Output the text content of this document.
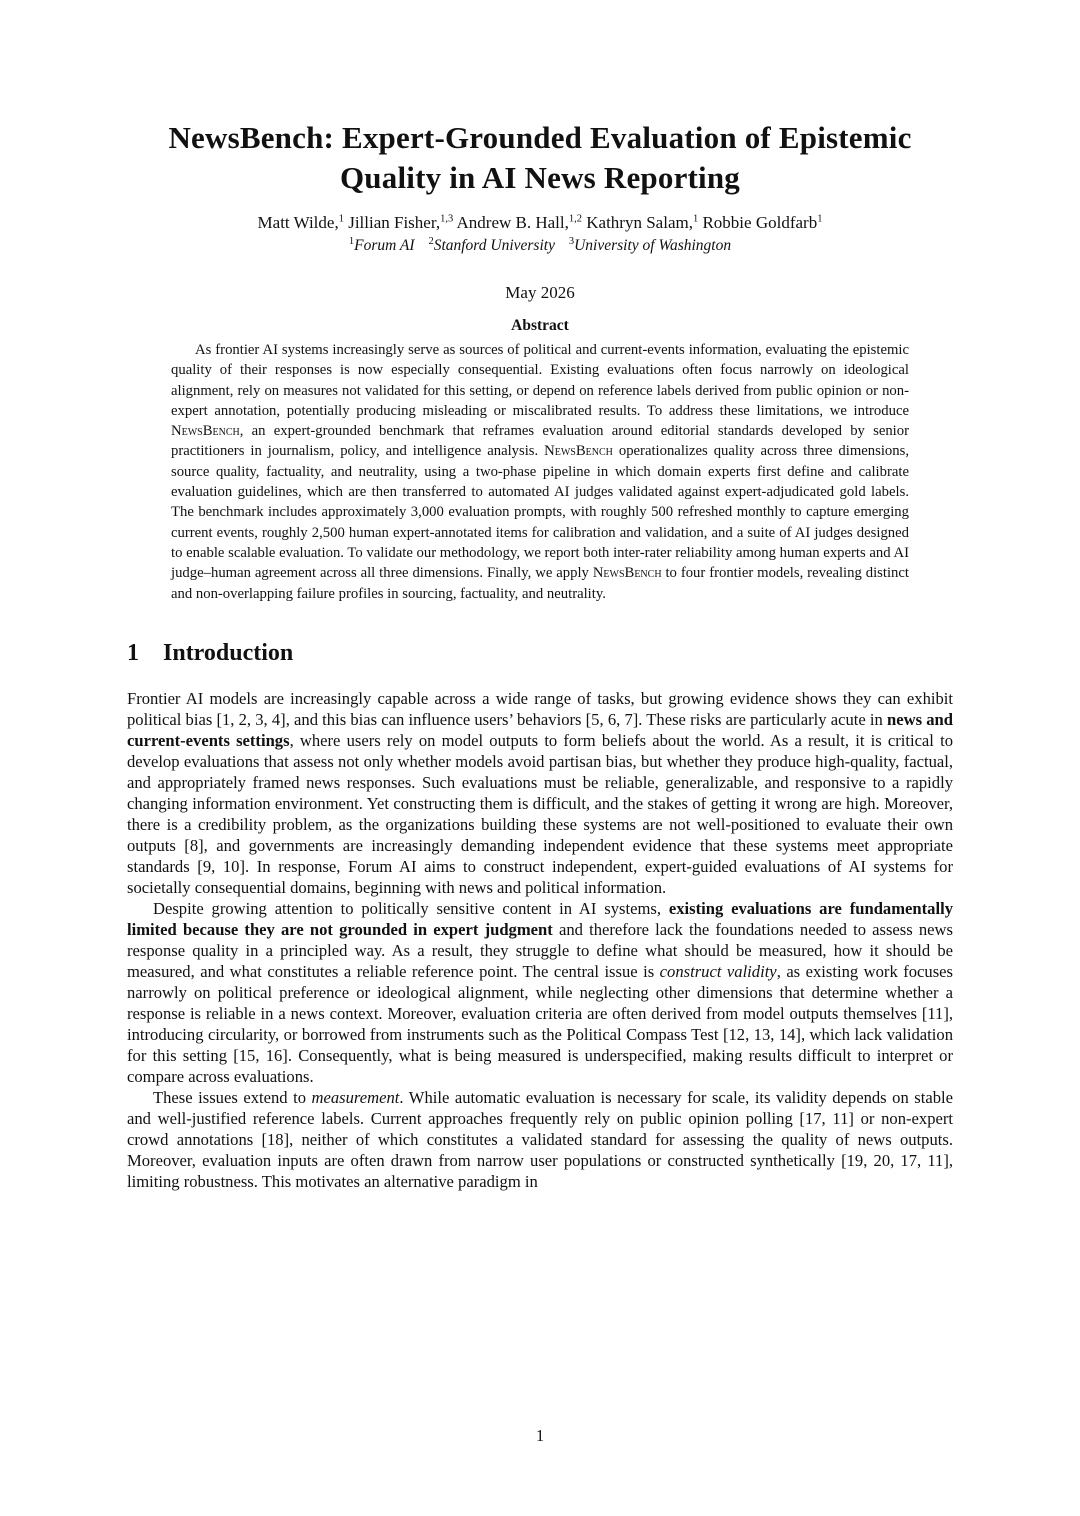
NewsBench: Expert-Grounded Evaluation of Epistemic Quality in AI News Reporting
Matt Wilde,$^1$ Jillian Fisher,$^{1,3}$ Andrew B. Hall,$^{1,2}$ Kathryn Salam,$^1$ Robbie Goldfarb$^1$
$^1$Forum AI $^2$Stanford University $^3$University of Washington
May 2026
Abstract

As frontier AI systems increasingly serve as sources of political and current-events information, evaluating the epistemic quality of their responses is now especially consequential. Existing evaluations often focus narrowly on ideological alignment, rely on measures not validated for this setting, or depend on reference labels derived from public opinion or non-expert annotation, potentially producing misleading or miscalibrated results. To address these limitations, we introduce NewsBench, an expert-grounded benchmark that reframes evaluation around editorial standards developed by senior practitioners in journalism, policy, and intelligence analysis. NewsBench operationalizes quality across three dimensions, source quality, factuality, and neutrality, using a two-phase pipeline in which domain experts first define and calibrate evaluation guidelines, which are then transferred to automated AI judges validated against expert-adjudicated gold labels. The benchmark includes approximately 3,000 evaluation prompts, with roughly 500 refreshed monthly to capture emerging current events, roughly 2,500 human expert-annotated items for calibration and validation, and a suite of AI judges designed to enable scalable evaluation. To validate our methodology, we report both inter-rater reliability among human experts and AI judge–human agreement across all three dimensions. Finally, we apply NewsBench to four frontier models, revealing distinct and non-overlapping failure profiles in sourcing, factuality, and neutrality.

1 Introduction

Frontier AI models are increasingly capable across a wide range of tasks, but growing evidence shows they can exhibit political bias [1, 2, 3, 4], and this bias can influence users’ behaviors [5, 6, 7]. These risks are particularly acute in news and current-events settings, where users rely on model outputs to form beliefs about the world. As a result, it is critical to develop evaluations that assess not only whether models avoid partisan bias, but whether they produce high-quality, factual, and appropriately framed news responses. Such evaluations must be reliable, generalizable, and responsive to a rapidly changing information environment. Yet constructing them is difficult, and the stakes of getting it wrong are high. Moreover, there is a credibility problem, as the organizations building these systems are not well-positioned to evaluate their own outputs [8], and governments are increasingly demanding independent evidence that these systems meet appropriate standards [9, 10]. In response, Forum AI aims to construct independent, expert-guided evaluations of AI systems for societally consequential domains, beginning with news and political information.

Despite growing attention to politically sensitive content in AI systems, existing evaluations are fundamentally limited because they are not grounded in expert judgment and therefore lack the foundations needed to assess news response quality in a principled way. As a result, they struggle to define what should be measured, how it should be measured, and what constitutes a reliable reference point. The central issue is construct validity, as existing work focuses narrowly on political preference or ideological alignment, while neglecting other dimensions that determine whether a response is reliable in a news context. Moreover, evaluation criteria are often derived from model outputs themselves [11], introducing circularity, or borrowed from instruments such as the Political Compass Test [12, 13, 14], which lack validation for this setting [15, 16]. Consequently, what is being measured is underspecified, making results difficult to interpret or compare across evaluations.

These issues extend to measurement. While automatic evaluation is necessary for scale, its validity depends on stable and well-justified reference labels. Current approaches frequently rely on public opinion polling [17, 11] or non-expert crowd annotations [18], neither of which constitutes a validated standard for assessing the quality of news outputs. Moreover, evaluation inputs are often drawn from narrow user populations or constructed synthetically [19, 20, 17, 11], limiting robustness. This motivates an alternative paradigm in

1
